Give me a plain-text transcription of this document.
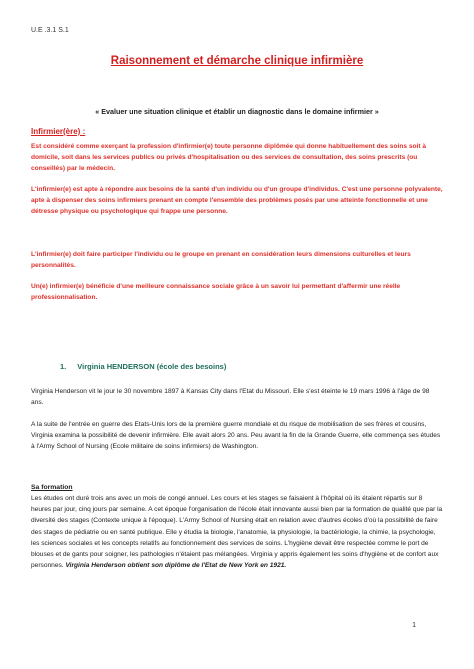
U.E .3.1 S.1
Raisonnement et démarche clinique infirmière
« Evaluer une situation clinique et établir un diagnostic dans le domaine infirmier »
Infirmier(ère) :

Est considéré comme exerçant la profession d'infirmier(e) toute personne diplômée qui donne habituellement des soins soit à domicile, soit dans les services publics ou privés d'hospitalisation ou des services de consultation, des soins prescrits (ou conseillés) par le médecin.

L'infirmier(e) est apte à répondre aux besoins de la santé d'un individu ou d'un groupe d'individus. C'est une personne polyvalente, apte à dispenser des soins infirmiers prenant en compte l'ensemble des problèmes posés par une atteinte fonctionnelle et une détresse physique ou psychologique qui frappe une personne.

L'infirmier(e) doit faire participer l'individu ou le groupe en prenant en considération leurs dimensions culturelles et leurs personnalités.

Un(e) infirmier(e) bénéficie d'une meilleure connaissance sociale grâce à un savoir lui permettant d'affermir une réelle professionnalisation.

1. Virginia HENDERSON (école des besoins)

Virginia Henderson vit le jour le 30 novembre 1897 à Kansas City dans l'Etat du Missouri. Elle s'est éteinte le 19 mars 1996 à l'âge de 98 ans.

A la suite de l'entrée en guerre des Etats-Unis lors de la première guerre mondiale et du risque de mobilisation de ses frères et cousins, Virginia examina la possibilité de devenir infirmière. Elle avait alors 20 ans. Peu avant la fin de la Grande Guerre, elle commença ses études à l'Army School of Nursing (Ecole militaire de soins infirmiers) de Washington.

Sa formation

Les études ont duré trois ans avec un mois de congé annuel. Les cours et les stages se faisaient à l'hôpital où ils étaient répartis sur 8 heures par jour, cinq jours par semaine. A cet époque l'organisation de l'école était innovante aussi bien par la formation de qualité que par la diversité des stages (Contexte unique à l'époque). L'Army School of Nursing était en relation avec d'autres écoles d'où la possibilité de faire des stages de pédiatrie ou en santé publique. Elle y étudia la biologie, l'anatomie, la physiologie, la bactériologie, la chimie, la psychologie, les sciences sociales et les concepts relatifs au fonctionnement des services de soins. L'hygiène devait être respectée comme le port de blouses et de gants pour soigner, les pathologies n'étaient pas mélangées. Virginia y appris également les soins d'hygiène et de confort aux personnes. Virginia Henderson obtient son diplôme de l'Etat de New York en 1921.

1
